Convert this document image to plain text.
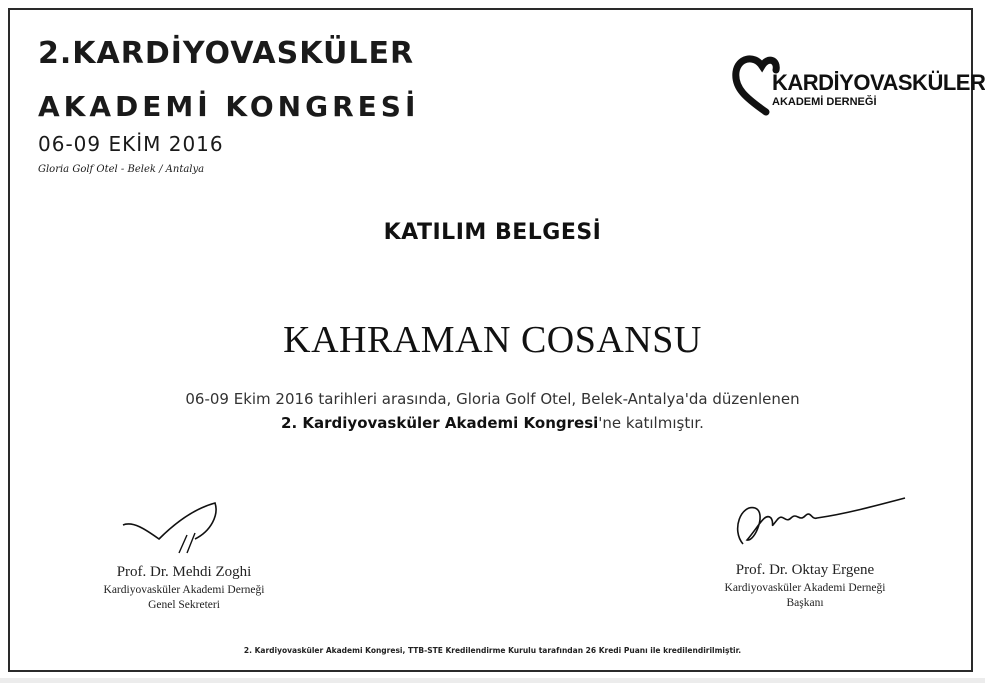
2.KARDİYOVASKÜLER
AKADEMİ KONGRESİ
06-09 EKİM 2016
Gloria Golf Otel - Belek / Antalya
KARDİYOVASKÜLER
AKADEMİ DERNEĞİ
KATILIM BELGESİ
KAHRAMAN COSANSU
06-09 Ekim 2016 tarihleri arasında, Gloria Golf Otel, Belek-Antalya'da düzenlenen
2. Kardiyovasküler Akademi Kongresi'ne katılmıştır.
Prof. Dr. Mehdi Zoghi
Kardiyovasküler Akademi Derneği
Genel Sekreteri
Prof. Dr. Oktay Ergene
Kardiyovasküler Akademi Derneği
Başkanı
2. Kardiyovasküler Akademi Kongresi, TTB-STE Kredilendirme Kurulu tarafından 26 Kredi Puanı ile kredilendirilmiştir.
